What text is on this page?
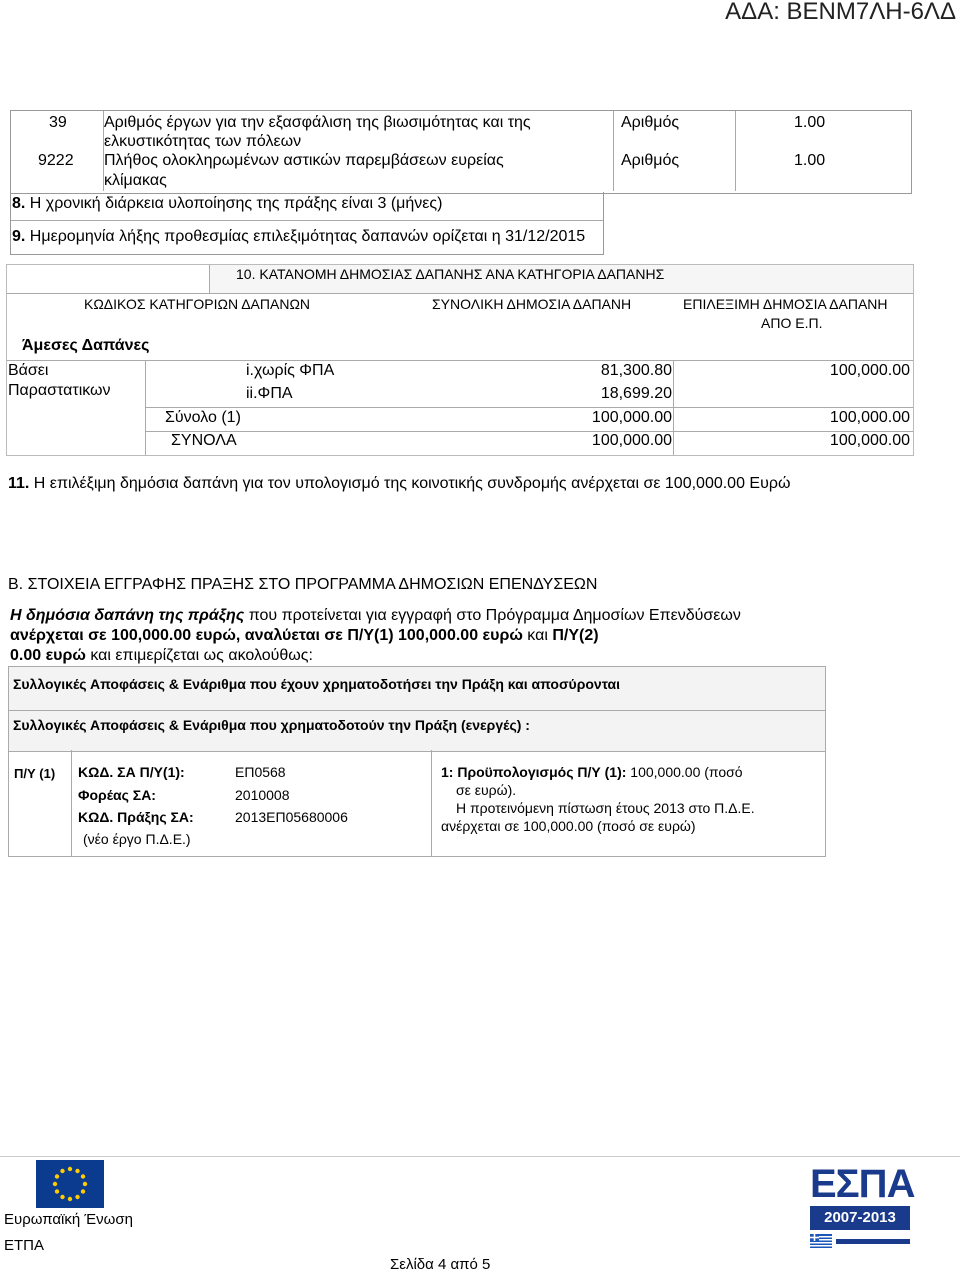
ΑΔΑ: ΒΕΝΜ7ΛΗ-6ΛΔ
39 Αριθμός έργων για την εξασφάλιση της βιωσιμότητας και της
ελκυστικότητας των πόλεων
Αριθμός	1.00
9222 Πλήθος ολοκληρωμένων αστικών παρεμβάσεων ευρείας
κλίμακας
Αριθμός	1.00
8. Η χρονική διάρκεια υλοποίησης της πράξης είναι 3 (μήνες)
9. Ημερομηνία λήξης προθεσμίας επιλεξιμότητας δαπανών ορίζεται η 31/12/2015
10. ΚΑΤΑΝΟΜΗ ΔΗΜΟΣΙΑΣ ΔΑΠΑΝΗΣ ΑΝΑ ΚΑΤΗΓΟΡΙΑ ΔΑΠΑΝΗΣ
ΚΩΔΙΚΟΣ ΚΑΤΗΓΟΡΙΩΝ ΔΑΠΑΝΩΝ	ΣΥΝΟΛΙΚΗ ΔΗΜΟΣΙΑ ΔΑΠΑΝΗ	ΕΠΙΛΕΞΙΜΗ ΔΗΜΟΣΙΑ ΔΑΠΑΝΗ
ΑΠΟ Ε.Π.
Άμεσες Δαπάνες
Βάσει
Παραστατικων
i.χωρίς ΦΠΑ	81,300.80	100,000.00
ii.ΦΠΑ	18,699.20
Σύνολο (1)	100,000.00	100,000.00
ΣΥΝΟΛΑ	100,000.00	100,000.00
11. Η επιλέξιμη δημόσια δαπάνη για τον υπολογισμό της κοινοτικής συνδρομής ανέρχεται σε 100,000.00 Ευρώ
Β. ΣΤΟΙΧΕΙΑ ΕΓΓΡΑΦΗΣ ΠΡΑΞΗΣ ΣΤΟ ΠΡΟΓΡΑΜΜΑ ΔΗΜΟΣΙΩΝ ΕΠΕΝΔΥΣΕΩΝ
Η δημόσια δαπάνη της πράξης που προτείνεται για εγγραφή στο Πρόγραμμα Δημοσίων Επενδύσεων
ανέρχεται σε 100,000.00 ευρώ, αναλύεται σε Π/Υ(1) 100,000.00 ευρώ και Π/Υ(2)
0.00 ευρώ και επιμερίζεται ως ακολούθως:
Συλλογικές Αποφάσεις & Ενάριθμα που έχουν χρηματοδοτήσει την Πράξη και αποσύρονται
Συλλογικές Αποφάσεις & Ενάριθμα που χρηματοδοτούν την Πράξη (ενεργές) :
Π/Υ (1) ΚΩΔ. ΣΑ Π/Υ(1):	ΕΠ0568
Φορέας ΣΑ:	2010008
ΚΩΔ. Πράξης ΣΑ:	2013ΕΠ05680006
(νέο έργο Π.Δ.Ε.)
1: Προϋπολογισμός Π/Υ (1): 100,000.00 (ποσό
σε ευρώ).
Η προτεινόμενη πίστωση έτους 2013 στο Π.Δ.Ε.
ανέρχεται σε 100,000.00 (ποσό σε ευρώ)
Ευρωπαϊκή Ένωση
ΕΤΠΑ
Σελίδα 4 από 5
ΕΣΠΑ
2007-2013
